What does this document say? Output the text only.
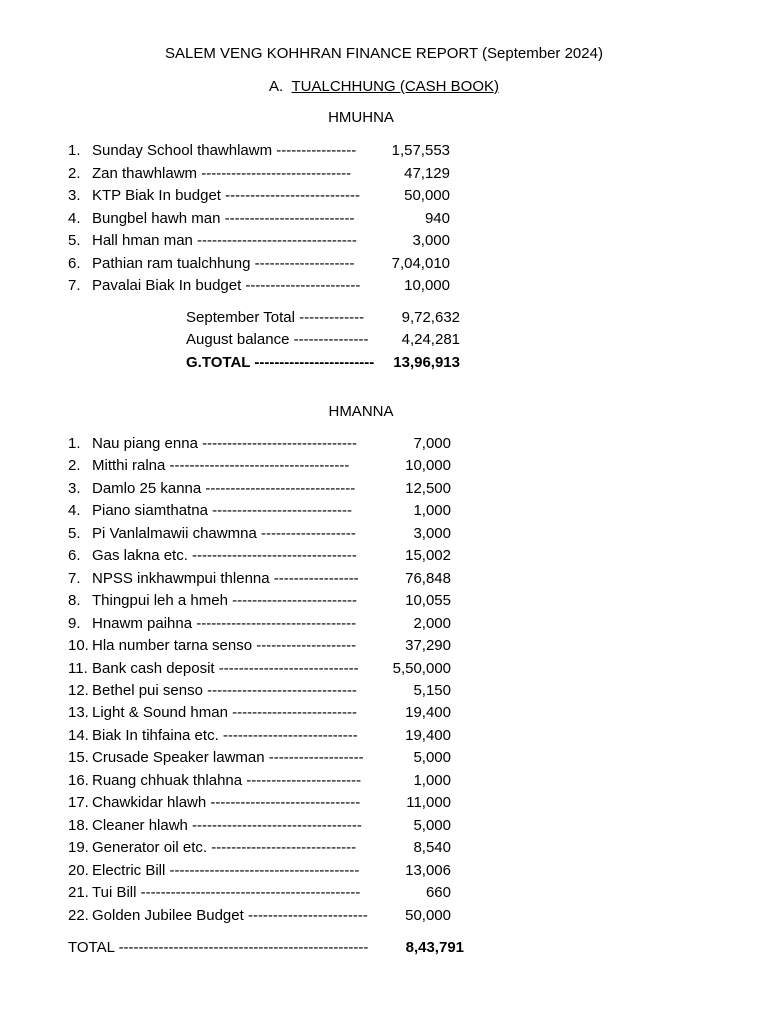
SALEM VENG KOHHRAN FINANCE REPORT (September 2024)
A. TUALCHHUNG (CASH BOOK)
HMUHNA
1. Sunday School thawhlawm ----------------	1,57,553
2. Zan thawhlawm ------------------------------	47,129
3. KTP Biak In budget ---------------------------	50,000
4. Bungbel hawh man --------------------------	940
5. Hall hman man --------------------------------	3,000
6. Pathian ram tualchhung --------------------	7,04,010
7. Pavalai Biak In budget -----------------------	10,000
September Total -------------	9,72,632
August balance ---------------	4,24,281
G.TOTAL ------------------------	13,96,913
HMANNA
1. Nau piang enna -------------------------------	7,000
2. Mitthi ralna ------------------------------------	10,000
3. Damlo 25 kanna ------------------------------	12,500
4. Piano siamthatna ----------------------------	1,000
5. Pi Vanlalmawii chawmna -------------------	3,000
6. Gas lakna etc. ---------------------------------	15,002
7. NPSS inkhawmpui thlenna -----------------	76,848
8. Thingpui leh a hmeh -------------------------	10,055
9. Hnawm paihna --------------------------------	2,000
10. Hla number tarna senso --------------------	37,290
11. Bank cash deposit ----------------------------	5,50,000
12. Bethel pui senso ------------------------------	5,150
13. Light & Sound hman -------------------------	19,400
14. Biak In tihfaina etc. ---------------------------	19,400
15. Crusade Speaker lawman -------------------	5,000
16. Ruang chhuak thlahna -----------------------	1,000
17. Chawkidar hlawh ------------------------------	11,000
18. Cleaner hlawh ----------------------------------	5,000
19. Generator oil etc. -----------------------------	8,540
20. Electric Bill --------------------------------------	13,006
21. Tui Bill --------------------------------------------	660
22. Golden Jubilee Budget ------------------------	50,000
TOTAL --------------------------------------------------	8,43,791
